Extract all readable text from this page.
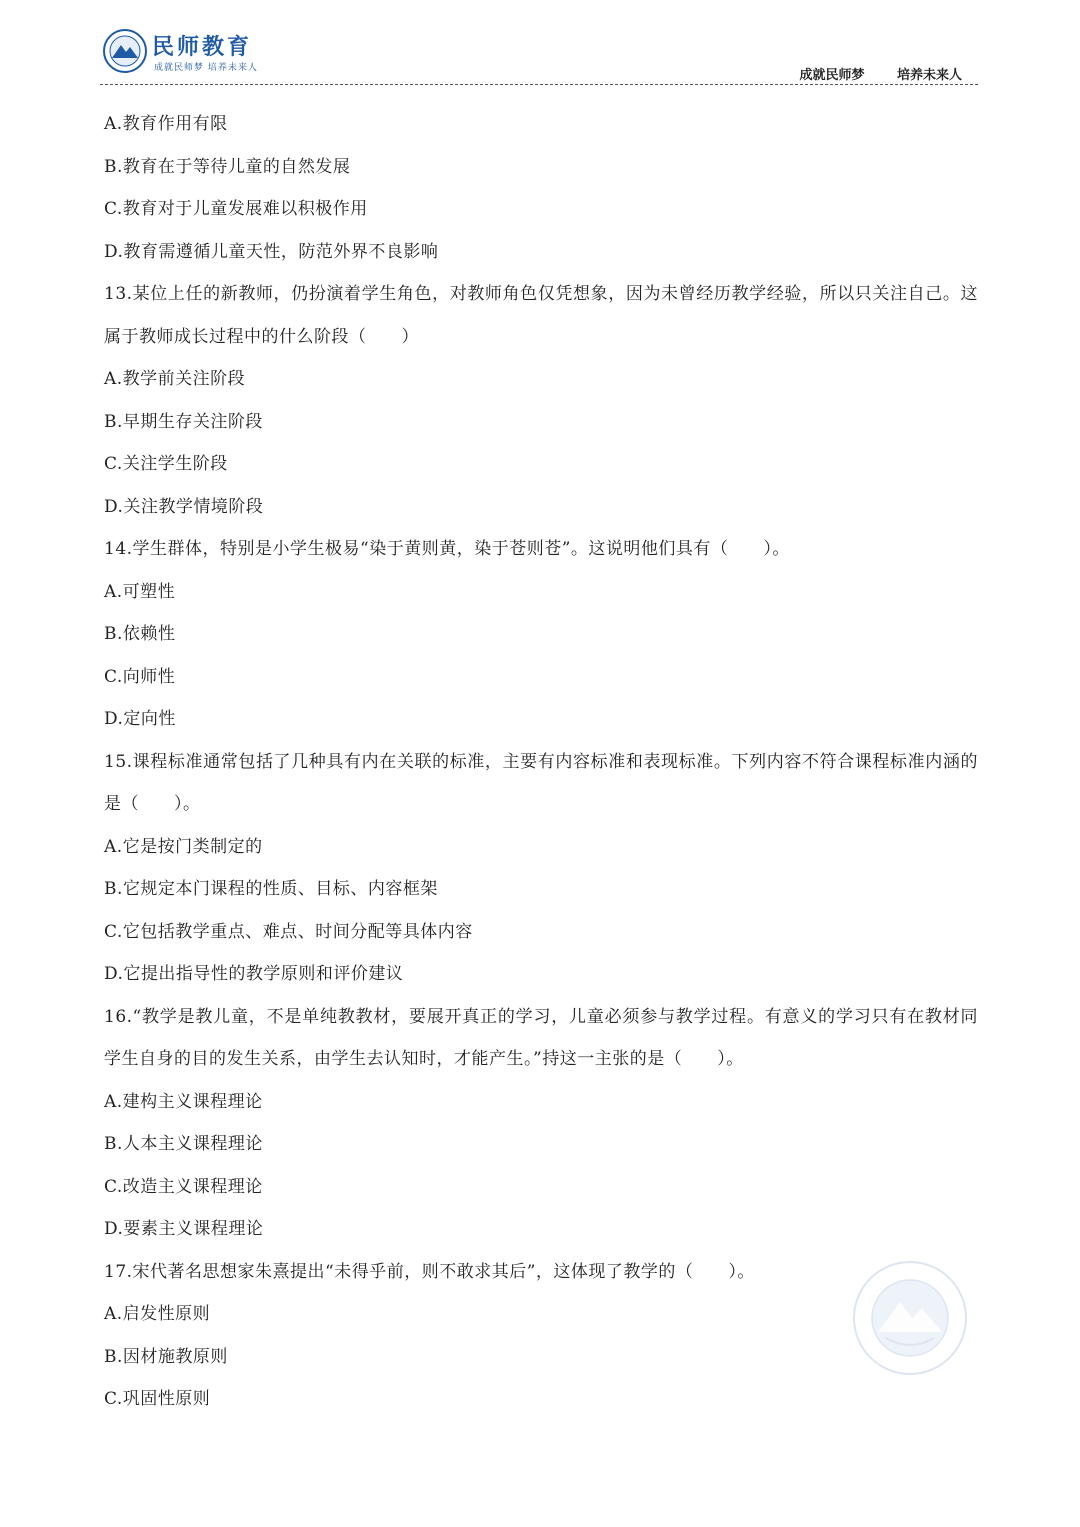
民师教育
成就民师梦 培养未来人	成就民师梦	培养未来人
A.教育作用有限
B.教育在于等待儿童的自然发展
C.教育对于儿童发展难以积极作用
D.教育需遵循儿童天性，防范外界不良影响
13.某位上任的新教师，仍扮演着学生角色，对教师角色仅凭想象，因为未曾经历教学经验，所以只关注自己。这属于教师成长过程中的什么阶段（　　）
A.教学前关注阶段
B.早期生存关注阶段
C.关注学生阶段
D.关注教学情境阶段
14.学生群体，特别是小学生极易“染于黄则黄，染于苍则苍”。这说明他们具有（　　）。
A.可塑性
B.依赖性
C.向师性
D.定向性
15.课程标准通常包括了几种具有内在关联的标准，主要有内容标准和表现标准。下列内容不符合课程标准内涵的是（　　）。
A.它是按门类制定的
B.它规定本门课程的性质、目标、内容框架
C.它包括教学重点、难点、时间分配等具体内容
D.它提出指导性的教学原则和评价建议
16.“教学是教儿童，不是单纯教教材，要展开真正的学习，儿童必须参与教学过程。有意义的学习只有在教材同学生自身的目的发生关系，由学生去认知时，才能产生。”持这一主张的是（　　）。
A.建构主义课程理论
B.人本主义课程理论
C.改造主义课程理论
D.要素主义课程理论
17.宋代著名思想家朱熹提出“未得乎前，则不敢求其后”，这体现了教学的（　　）。
A.启发性原则
B.因材施教原则
C.巩固性原则
